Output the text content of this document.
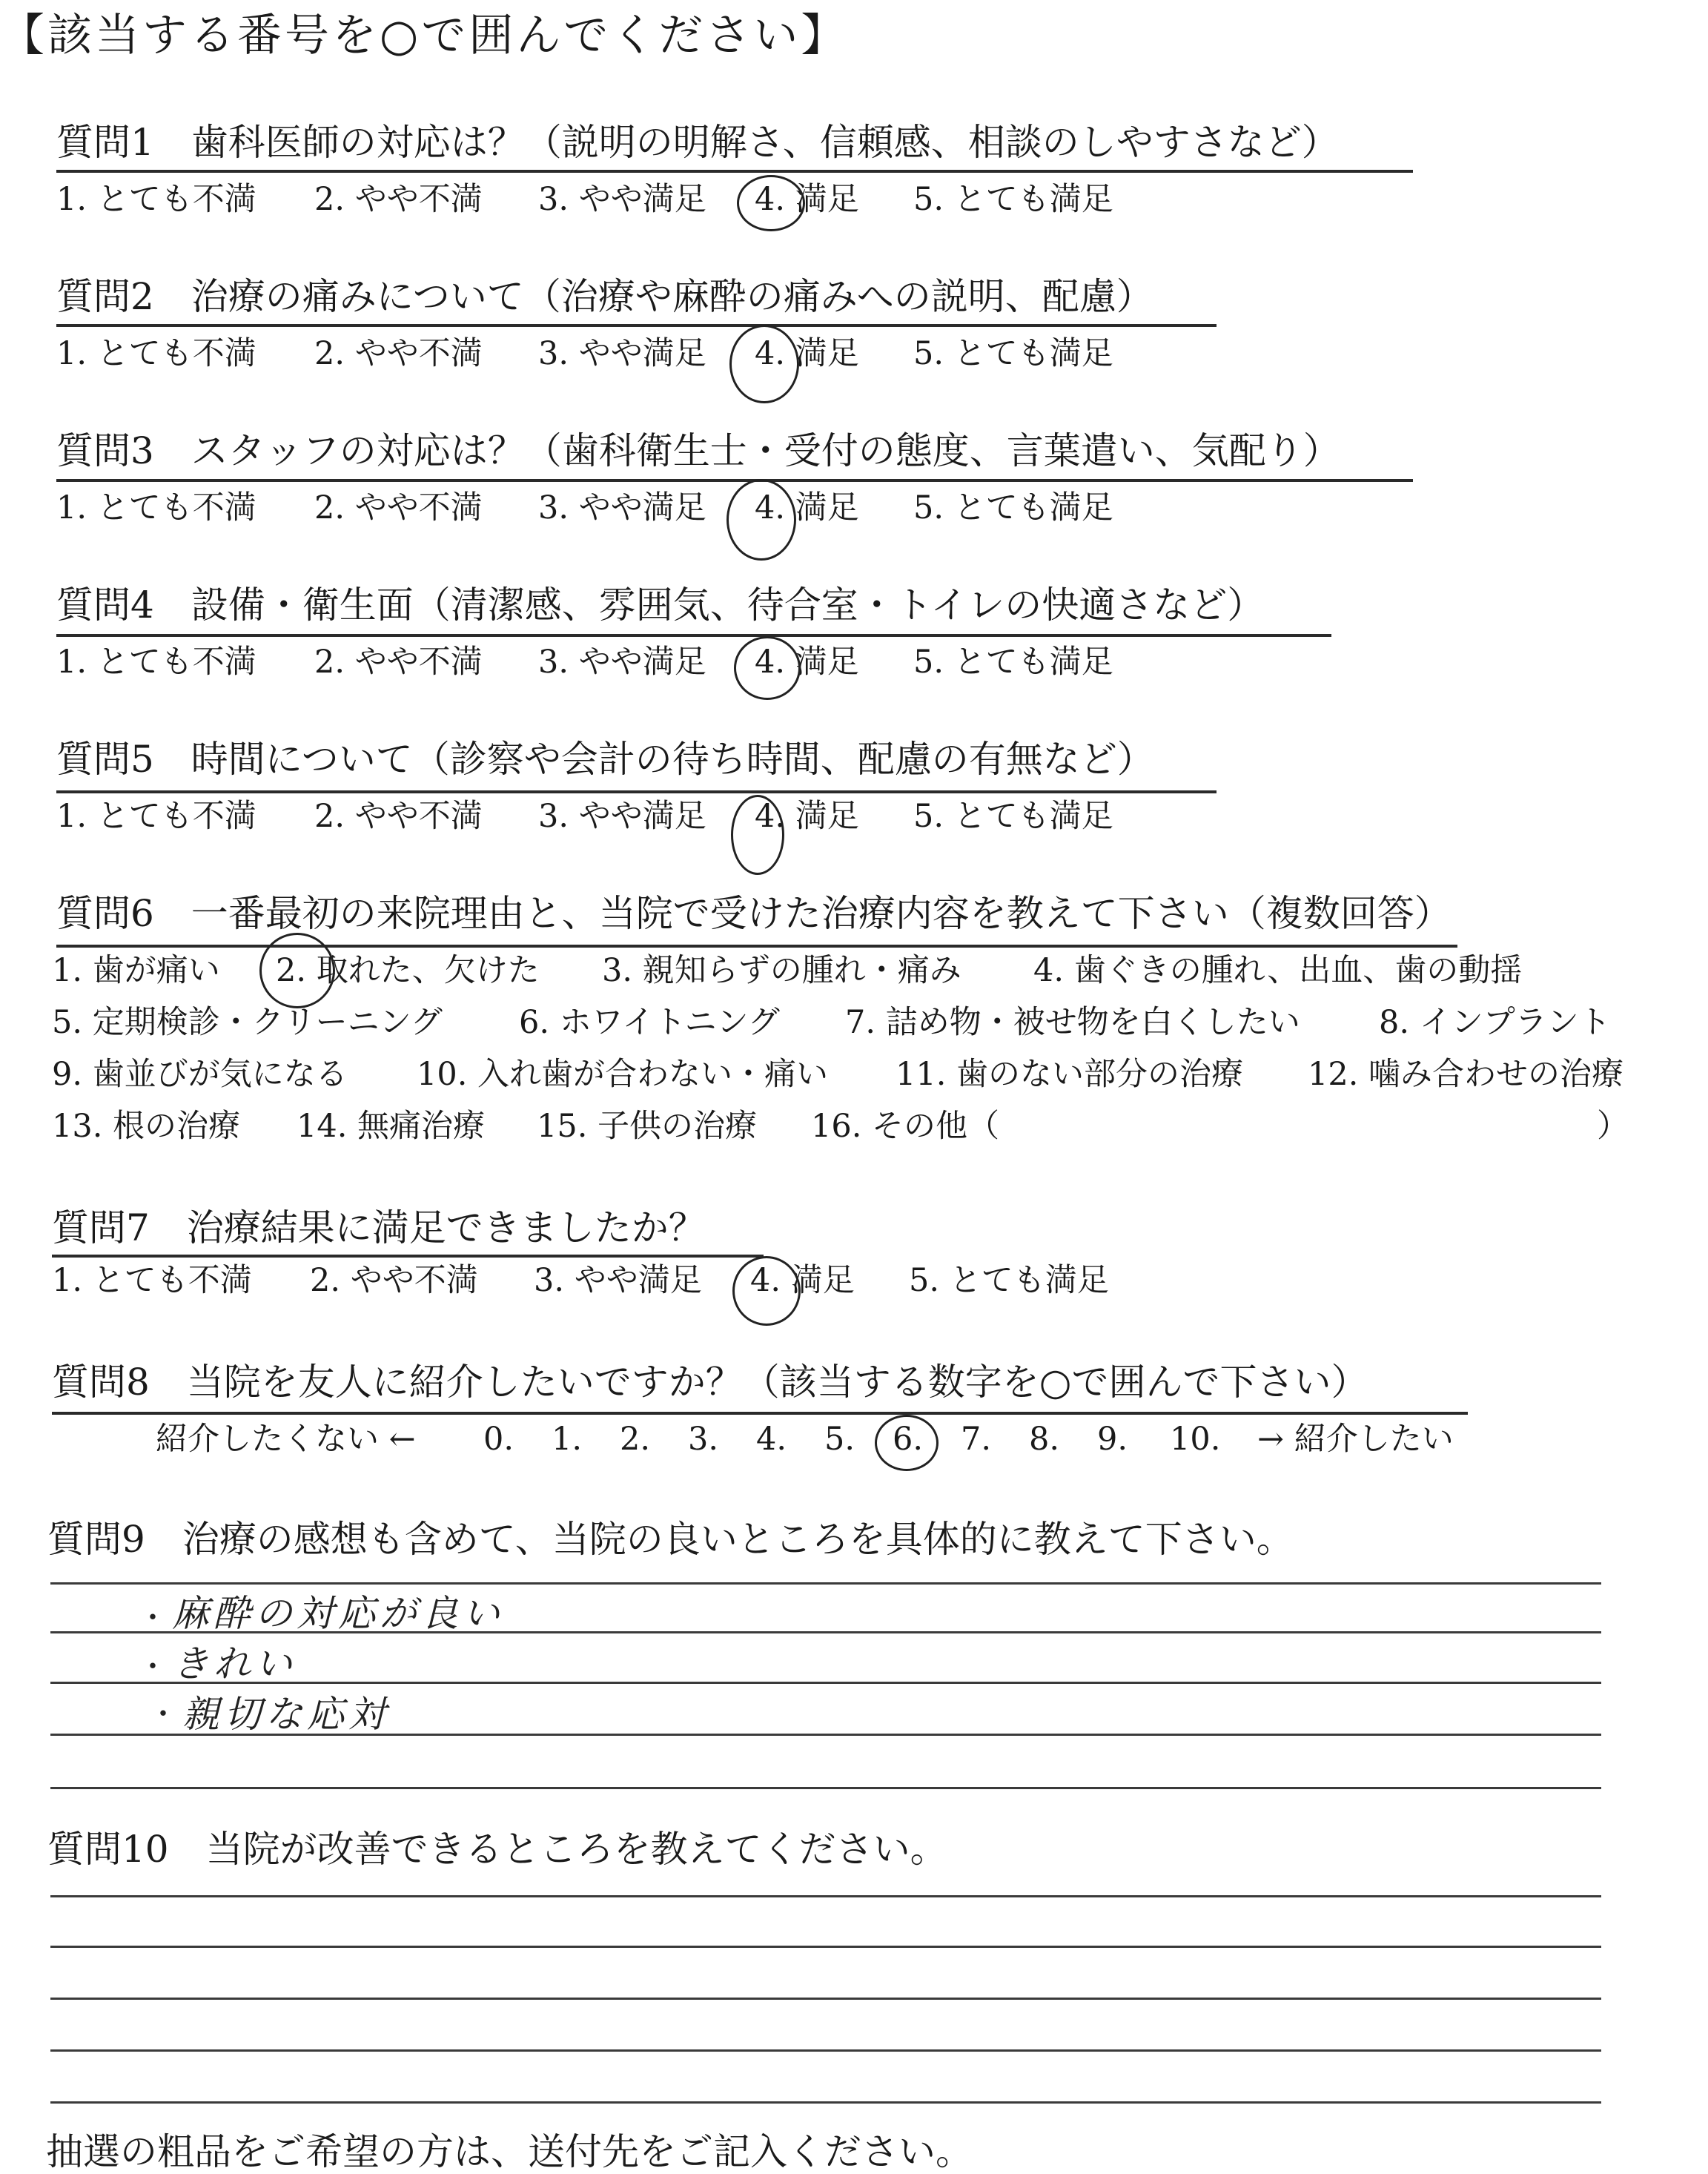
【該当する番号を○で囲んでください】
質問1　歯科医師の対応は？（説明の明解さ、信頼感、相談のしやすさなど）
1. とても不満 2. やや不満 3. やや満足 4. 満足 5. とても満足
質問2　治療の痛みについて（治療や麻酔の痛みへの説明、配慮）
1. とても不満 2. やや不満 3. やや満足 4. 満足 5. とても満足
質問3　スタッフの対応は？（歯科衛生士・受付の態度、言葉遣い、気配り）
1. とても不満 2. やや不満 3. やや満足 4. 満足 5. とても満足
質問4　設備・衛生面（清潔感、雰囲気、待合室・トイレの快適さなど）
1. とても不満 2. やや不満 3. やや満足 4. 満足 5. とても満足
質問5　時間について（診察や会計の待ち時間、配慮の有無など）
1. とても不満 2. やや不満 3. やや満足 4. 満足 5. とても満足
質問6　一番最初の来院理由と、当院で受けた治療内容を教えて下さい（複数回答）
1. 歯が痛い 2. 取れた、欠けた 3. 親知らずの腫れ・痛み 4. 歯ぐきの腫れ、出血、歯の動揺
5. 定期検診・クリーニング 6. ホワイトニング 7. 詰め物・被せ物を白くしたい 8. インプラント
9. 歯並びが気になる 10. 入れ歯が合わない・痛い 11. 歯のない部分の治療 12. 噛み合わせの治療
13. 根の治療 14. 無痛治療 15. 子供の治療 16. その他（	）
質問7　治療結果に満足できましたか？
1. とても不満 2. やや不満 3. やや満足 4. 満足 5. とても満足
質問8　当院を友人に紹介したいですか？（該当する数字を○で囲んで下さい）
紹介したくない ← 0. 1. 2. 3. 4. 5. 6. 7. 8. 9. 10. → 紹介したい
質問9　治療の感想も含めて、当院の良いところを具体的に教えて下さい。
・ 麻酔の対応が良い
・ きれい
・ 親切な応対
質問10　当院が改善できるところを教えてください。
抽選の粗品をご希望の方は、送付先をご記入ください。
